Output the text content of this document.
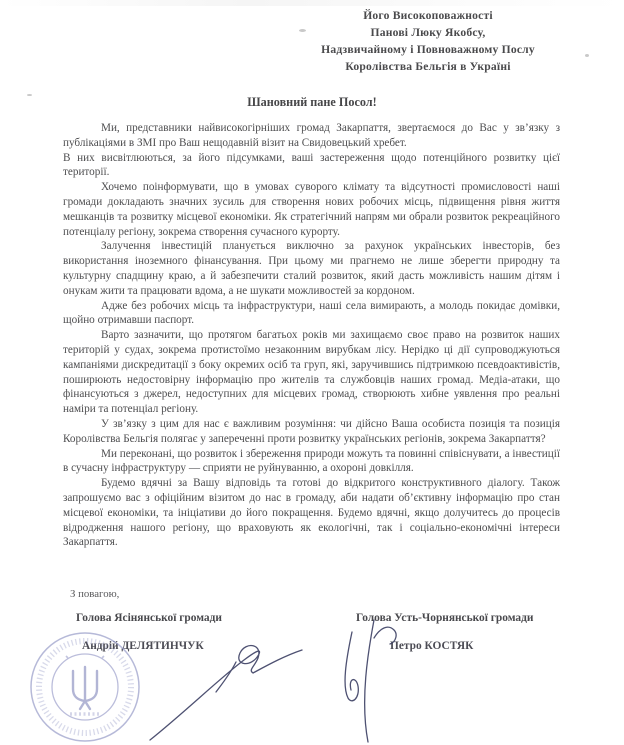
Його Високоповажності
Панові Люку Якобсу,
Надзвичайному і Повноважному Послу
Королівства Бельгія в Україні
Шановний пане Посол!

Ми, представники найвисокогірніших громад Закарпаття, звертаємося до Вас у зв’язку з публікаціями в ЗМІ про Ваш нещодавній візит на Свидовецький хребет.

В них висвітлюються, за його підсумками, ваші застереження щодо потенційного розвитку цієї території.

Хочемо поінформувати, що в умовах суворого клімату та відсутності промисловості наші громади докладають значних зусиль для створення нових робочих місць, підвищення рівня життя мешканців та розвитку місцевої економіки. Як стратегічний напрям ми обрали розвиток рекреаційного потенціалу регіону, зокрема створення сучасного курорту.

Залучення інвестицій планується виключно за рахунок українських інвесторів, без використання іноземного фінансування. При цьому ми прагнемо не лише зберегти природну та культурну спадщину краю, а й забезпечити сталий розвиток, який дасть можливість нашим дітям і онукам жити та працювати вдома, а не шукати можливостей за кордоном.

Адже без робочих місць та інфраструктури, наші села вимирають, а молодь покидає домівки, щойно отримавши паспорт.

Варто зазначити, що протягом багатьох років ми захищаємо своє право на розвиток наших територій у судах, зокрема протистоїмо незаконним вирубкам лісу. Нерідко ці дії супроводжуються кампаніями дискредитації з боку окремих осіб та груп, які, заручившись підтримкою псевдоактивістів, поширюють недостовірну інформацію про жителів та службовців наших громад. Медіа-атаки, що фінансуються з джерел, недоступних для місцевих громад, створюють хибне уявлення про реальні наміри та потенціал регіону.

У зв’язку з цим для нас є важливим розуміння: чи дійсно Ваша особиста позиція та позиція Королівства Бельгія полягає у запереченні проти розвитку українських регіонів, зокрема Закарпаття?

Ми переконані, що розвиток і збереження природи можуть та повинні співіснувати, а інвестиції в сучасну інфраструктуру — сприяти не руйнуванню, а охороні довкілля.

Будемо вдячні за Вашу відповідь та готові до відкритого конструктивного діалогу. Також запрошуємо вас з офіційним візитом до нас в громаду, аби надати об’єктивну інформацію про стан місцевої економіки, та ініціативи до його покращення. Будемо вдячні, якщо долучитесь до процесів відродження нашого регіону, що враховують як екологічні, так і соціально-економічні інтереси Закарпаття.

З повагою,
Голова Ясінянської громади	Голова Усть-Чорнянської громади
Андрій ДЕЛЯТИНЧУК	Петро КОСТЯК
